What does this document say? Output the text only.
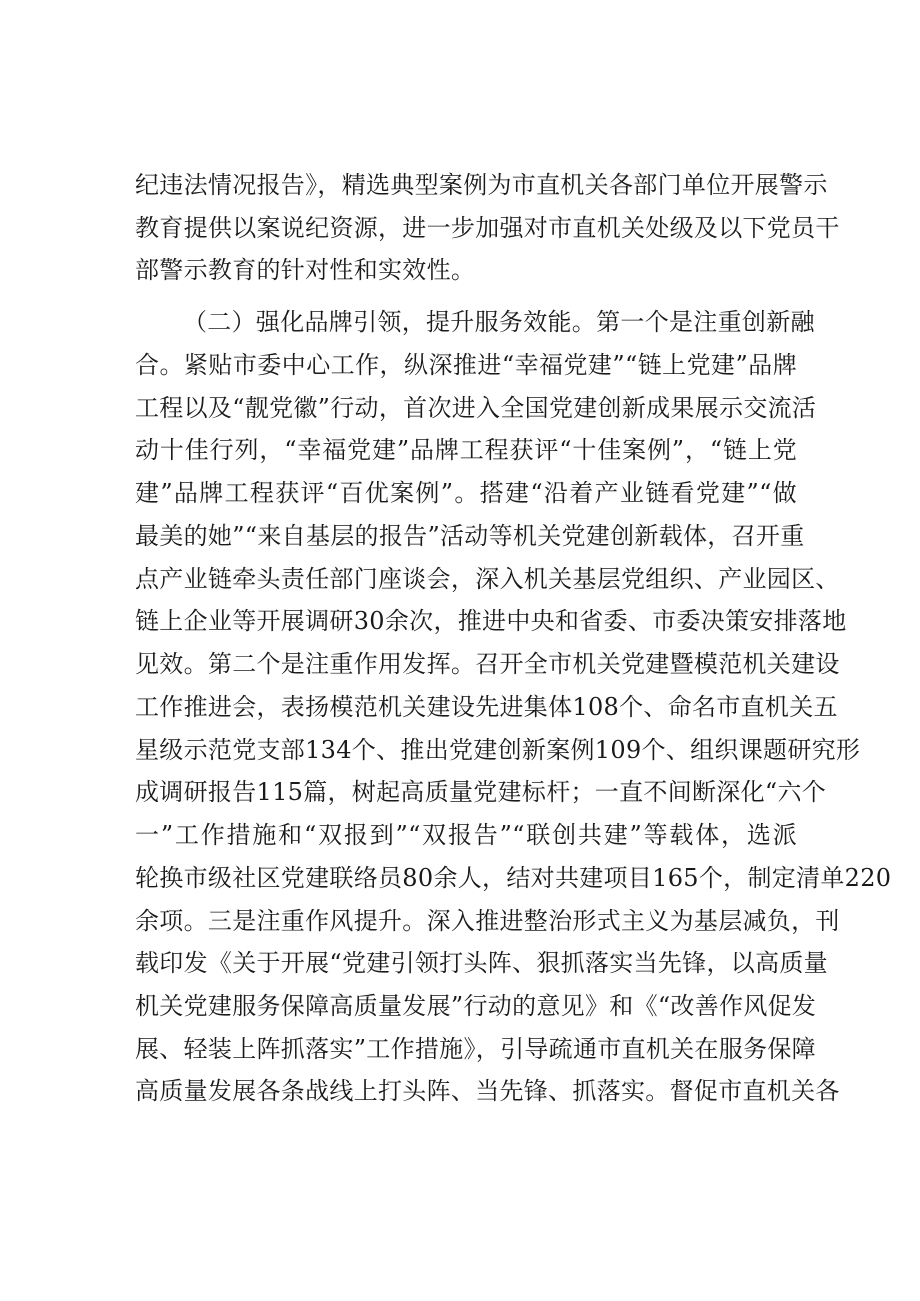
纪违法情况报告》，精选典型案例为市直机关各部门单位开展警示

教育提供以案说纪资源，进一步加强对市直机关处级及以下党员干

部警示教育的针对性和实效性。

（二）强化品牌引领，提升服务效能。第一个是注重创新融

合。紧贴市委中心工作，纵深推进“幸福党建”“链上党建”品牌

工程以及“靓党徽”行动，首次进入全国党建创新成果展示交流活

动十佳行列，“幸福党建”品牌工程获评“十佳案例”，“链上党

建”品牌工程获评“百优案例”。搭建“沿着产业链看党建”“做

最美的她”“来自基层的报告”活动等机关党建创新载体，召开重

点产业链牵头责任部门座谈会，深入机关基层党组织、产业园区、

链上企业等开展调研30余次，推进中央和省委、市委决策安排落地

见效。第二个是注重作用发挥。召开全市机关党建暨模范机关建设

工作推进会，表扬模范机关建设先进集体108个、命名市直机关五

星级示范党支部134个、推出党建创新案例109个、组织课题研究形

成调研报告115篇，树起高质量党建标杆；一直不间断深化“六个

一”工作措施和“双报到”“双报告”“联创共建”等载体，选派

轮换市级社区党建联络员80余人，结对共建项目165个，制定清单220

余项。三是注重作风提升。深入推进整治形式主义为基层减负，刊

载印发《关于开展“党建引领打头阵、狠抓落实当先锋，以高质量

机关党建服务保障高质量发展”行动的意见》和《“改善作风促发

展、轻装上阵抓落实”工作措施》，引导疏通市直机关在服务保障

高质量发展各条战线上打头阵、当先锋、抓落实。督促市直机关各
